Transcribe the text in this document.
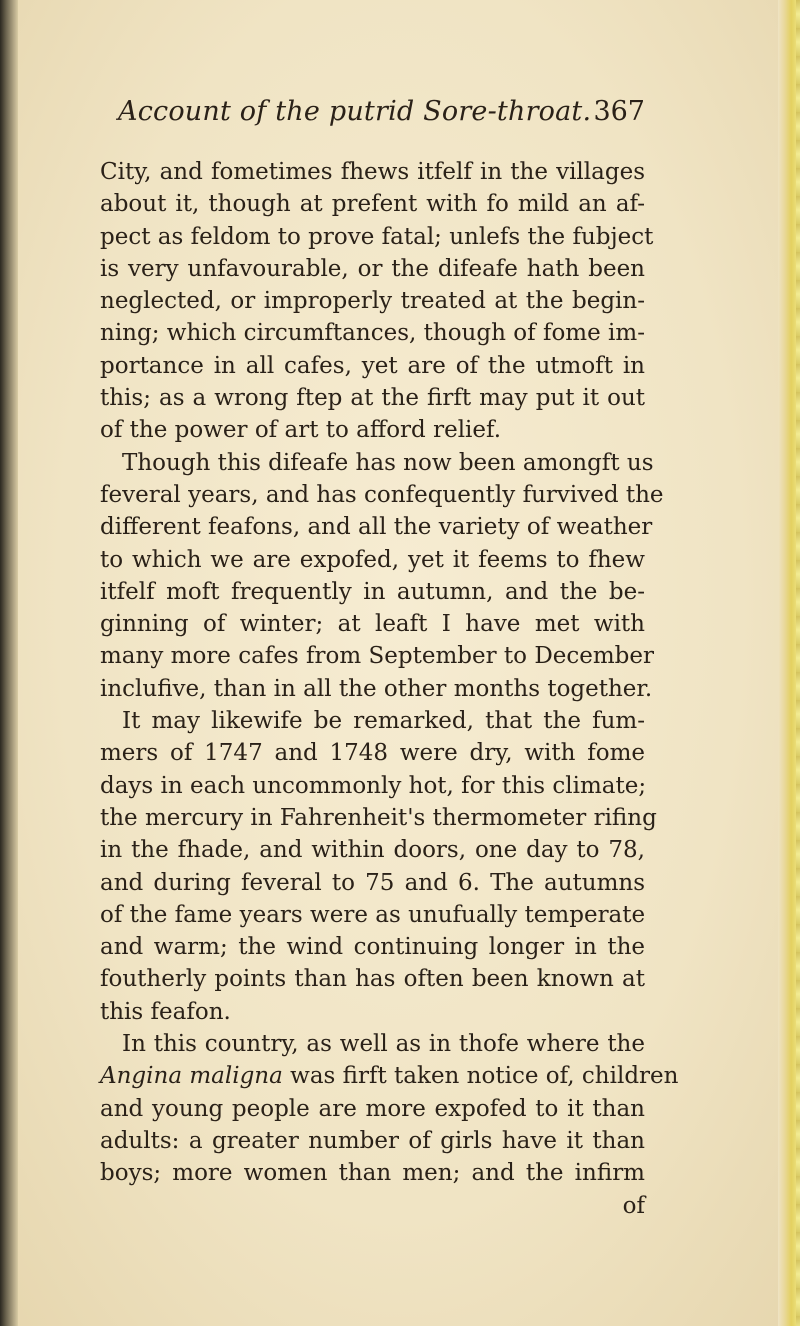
Account of the putrid Sore-throat. 367
City, and fometimes fhews itfelf in the villages
about it, though at prefent with fo mild an af-
pect as feldom to prove fatal; unlefs the fubject
is very unfavourable, or the difeafe hath been
neglected, or improperly treated at the begin-
ning; which circumftances, though of fome im-
portance in all cafes, yet are of the utmoft in
this; as a wrong ftep at the firft may put it out
of the power of art to afford relief.
Though this difeafe has now been amongft us
feveral years, and has confequently furvived the
different feafons, and all the variety of weather
to which we are expofed, yet it feems to fhew
itfelf moft frequently in autumn, and the be-
ginning of winter; at leaft I have met with
many more cafes from September to December
inclufive, than in all the other months together.
It may likewife be remarked, that the fum-
mers of 1747 and 1748 were dry, with fome
days in each uncommonly hot, for this climate;
the mercury in Fahrenheit's thermometer rifing
in the fhade, and within doors, one day to 78,
and during feveral to 75 and 6. The autumns
of the fame years were as unufually temperate
and warm; the wind continuing longer in the
foutherly points than has often been known at
this feafon.
In this country, as well as in thofe where the
Angina maligna was firft taken notice of, children
and young people are more expofed to it than
adults: a greater number of girls have it than
boys; more women than men; and the infirm
of
